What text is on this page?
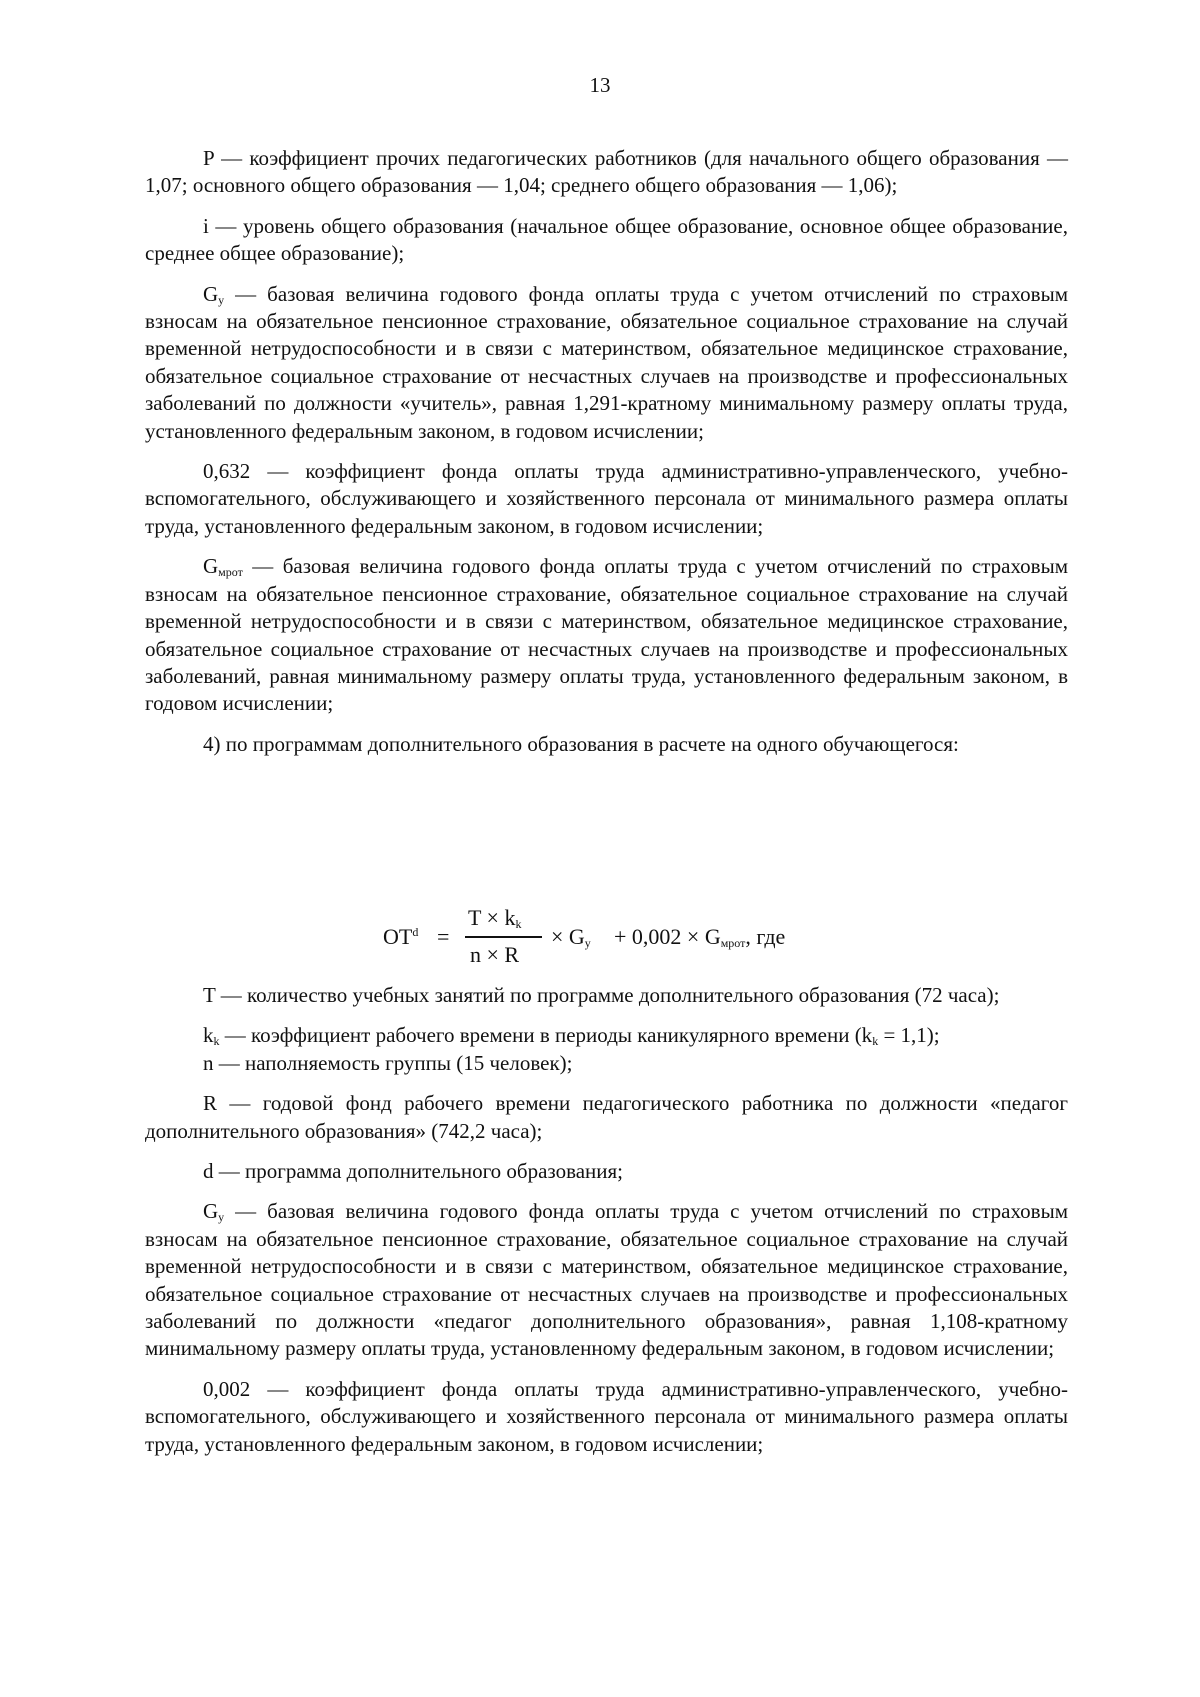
13

P — коэффициент прочих педагогических работников (для начального общего образования — 1,07; основного общего образования — 1,04; среднего общего образования — 1,06);

i — уровень общего образования (начальное общее образование, основное общее образование, среднее общее образование);

$G_у$ — базовая величина годового фонда оплаты труда с учетом отчислений по страховым взносам на обязательное пенсионное страхование, обязательное социальное страхование на случай временной нетрудоспособности и в связи с материнством, обязательное медицинское страхование, обязательное социальное страхование от несчастных случаев на производстве и профессиональных заболеваний по должности «учитель», равная 1,291-кратному минимальному размеру оплаты труда, установленного федеральным законом, в годовом исчислении;

0,632 — коэффициент фонда оплаты труда административно-управленческого, учебно-вспомогательного, обслуживающего и хозяйственного персонала от минимального размера оплаты труда, установленного федеральным законом, в годовом исчислении;

$G_{мрот}$ — базовая величина годового фонда оплаты труда с учетом отчислений по страховым взносам на обязательное пенсионное страхование, обязательное социальное страхование на случай временной нетрудоспособности и в связи с материнством, обязательное медицинское страхование, обязательное социальное страхование от несчастных случаев на производстве и профессиональных заболеваний, равная минимальному размеру оплаты труда, установленного федеральным законом, в годовом исчислении;

4) по программам дополнительного образования в расчете на одного обучающегося:

$OT^d$ =
$T \times k_k$
n × R
× $G_у + 0,002 \times G_{мрот}$, где

T — количество учебных занятий по программе дополнительного образования (72 часа);

$k_k$ — коэффициент рабочего времени в периоды каникулярного времени $(k_k = 1,1)$;

n — наполняемость группы (15 человек);

R — годовой фонд рабочего времени педагогического работника по должности «педагог дополнительного образования» (742,2 часа);

d — программа дополнительного образования;

$G_у$ — базовая величина годового фонда оплаты труда с учетом отчислений по страховым взносам на обязательное пенсионное страхование, обязательное социальное страхование на случай временной нетрудоспособности и в связи с материнством, обязательное медицинское страхование, обязательное социальное страхование от несчастных случаев на производстве и профессиональных заболеваний по должности «педагог дополнительного образования», равная 1,108-кратному минимальному размеру оплаты труда, установленному федеральным законом, в годовом исчислении;

0,002 — коэффициент фонда оплаты труда административно-управленческого, учебно-вспомогательного, обслуживающего и хозяйственного персонала от минимального размера оплаты труда, установленного федеральным законом, в годовом исчислении;
